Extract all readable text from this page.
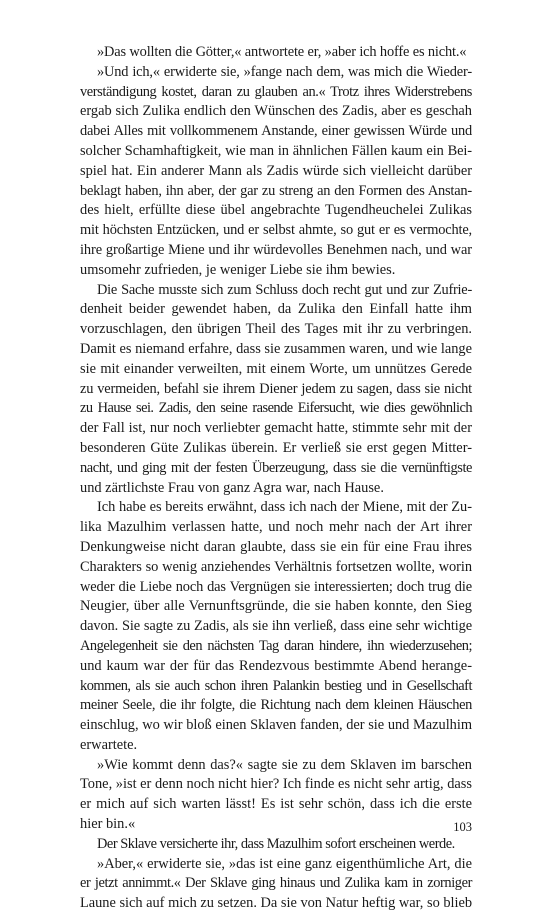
»Das wollten die Götter,« antwortete er, »aber ich hoffe es nicht.«
»Und ich,« erwiderte sie, »fange nach dem, was mich die Wieder-
verständigung kostet, daran zu glauben an.« Trotz ihres Widerstrebens
ergab sich Zulika endlich den Wünschen des Zadis, aber es geschah
dabei Alles mit vollkommenem Anstande, einer gewissen Würde und
solcher Schamhaftigkeit, wie man in ähnlichen Fällen kaum ein Bei-
spiel hat. Ein anderer Mann als Zadis würde sich vielleicht darüber
beklagt haben, ihn aber, der gar zu streng an den Formen des Anstan-
des hielt, erfüllte diese übel angebrachte Tugendheuchelei Zulikas
mit höchsten Entzücken, und er selbst ahmte, so gut er es vermochte,
ihre großartige Miene und ihr würdevolles Benehmen nach, und war
umsomehr zufrieden, je weniger Liebe sie ihm bewies.
Die Sache musste sich zum Schluss doch recht gut und zur Zufrie-
denheit beider gewendet haben, da Zulika den Einfall hatte ihm
vorzuschlagen, den übrigen Theil des Tages mit ihr zu verbringen.
Damit es niemand erfahre, dass sie zusammen waren, und wie lange
sie mit einander verweilten, mit einem Worte, um unnützes Gerede
zu vermeiden, befahl sie ihrem Diener jedem zu sagen, dass sie nicht
zu Hause sei. Zadis, den seine rasende Eifersucht, wie dies gewöhnlich
der Fall ist, nur noch verliebter gemacht hatte, stimmte sehr mit der
besonderen Güte Zulikas überein. Er verließ sie erst gegen Mitter-
nacht, und ging mit der festen Überzeugung, dass sie die vernünftigste
und zärtlichste Frau von ganz Agra war, nach Hause.
Ich habe es bereits erwähnt, dass ich nach der Miene, mit der Zu-
lika Mazulhim verlassen hatte, und noch mehr nach der Art ihrer
Denkungweise nicht daran glaubte, dass sie ein für eine Frau ihres
Charakters so wenig anziehendes Verhältnis fortsetzen wollte, worin
weder die Liebe noch das Vergnügen sie interessierten; doch trug die
Neugier, über alle Vernunftsgründe, die sie haben konnte, den Sieg
davon. Sie sagte zu Zadis, als sie ihn verließ, dass eine sehr wichtige
Angelegenheit sie den nächsten Tag daran hindere, ihn wiederzusehen;
und kaum war der für das Rendezvous bestimmte Abend herange-
kommen, als sie auch schon ihren Palankin bestieg und in Gesellschaft
meiner Seele, die ihr folgte, die Richtung nach dem kleinen Häuschen
einschlug, wo wir bloß einen Sklaven fanden, der sie und Mazulhim
erwartete.
»Wie kommt denn das?« sagte sie zu dem Sklaven im barschen
Tone, »ist er denn noch nicht hier? Ich finde es nicht sehr artig, dass
er mich auf sich warten lässt! Es ist sehr schön, dass ich die erste
hier bin.«
Der Sklave versicherte ihr, dass Mazulhim sofort erscheinen werde.
»Aber,« erwiderte sie, »das ist eine ganz eigenthümliche Art, die
er jetzt annimmt.« Der Sklave ging hinaus und Zulika kam in zorniger
Laune sich auf mich zu setzen. Da sie von Natur heftig war, so blieb
103
